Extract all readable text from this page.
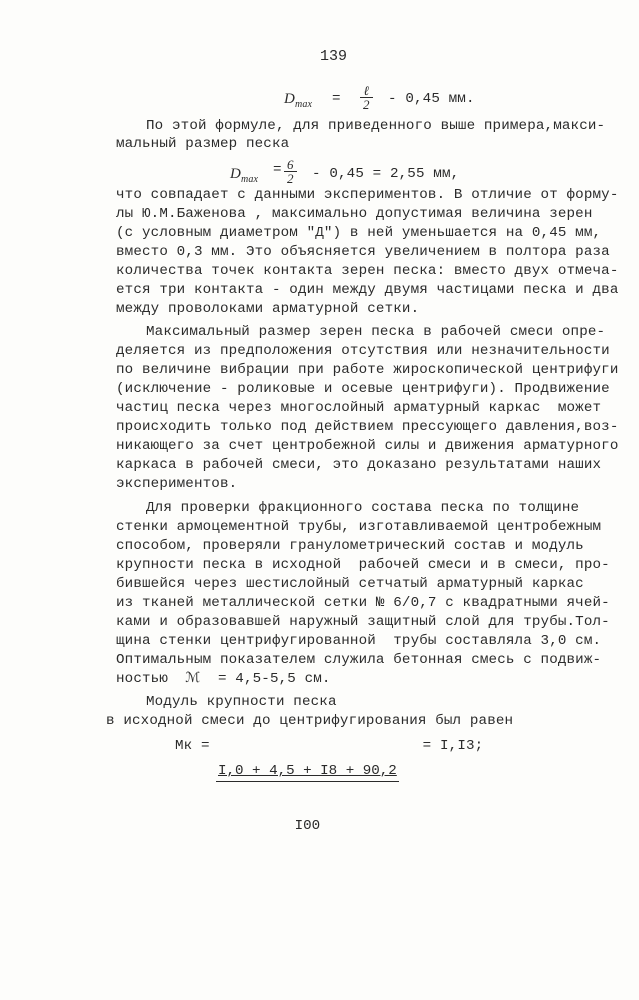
139
$D_{max}$ =
ℓ
2 - 0,45 мм.
По этой формуле, для приведенного выше примера,макси-
мальный размер песка
$D_{max}$
= $\frac{6}{2} - 0,45 = 2,55$ мм,
что совпадает с данными экспериментов. В отличие от форму-
лы Ю.М.Баженова , максимально допустимая величина зерен
(с условным диаметром "Д") в ней уменьшается на 0,45 мм,
вместо 0,3 мм. Это объясняется увеличением в полтора раза
количества точек контакта зерен песка: вместо двух отмеча-
ется три контакта - один между двумя частицами песка и два
между проволоками арматурной сетки.
Максимальный размер зерен песка в рабочей смеси опре-
деляется из предположения отсутствия или незначительности
по величине вибрации при работе жироскопической центрифуги
(исключение - роликовые и осевые центрифуги). Продвижение
частиц песка через многослойный арматурный каркас  может
происходить только под действием прессующего давления,воз-
никающего за счет центробежной силы и движения арматурного
каркаса в рабочей смеси, это доказано результатами наших
экспериментов.
Для проверки фракционного состава песка по толщине
стенки армоцементной трубы, изготавливаемой центробежным
способом, проверяли гранулометрический состав и модуль
крупности песка в исходной  рабочей смеси и в смеси, про-
бившейся через шестислойный сетчатый арматурный каркас
из тканей металлической сетки № 6/0,7 с квадратными ячей-
ками и образовавшей наружный защитный слой для трубы.Тол-
щина стенки центрифугированной  трубы составляла 3,0 см.
Оптимальным показателем служила бетонная смесь с подвиж-
ностью  ℳ  = 4,5-5,5 см.
Модуль крупности песка
в исходной смеси до центрифугирования был равен
Мк =

$\frac{I,0 + 4,5 + I8 + 90,2}{I00}$

= I,I3;
